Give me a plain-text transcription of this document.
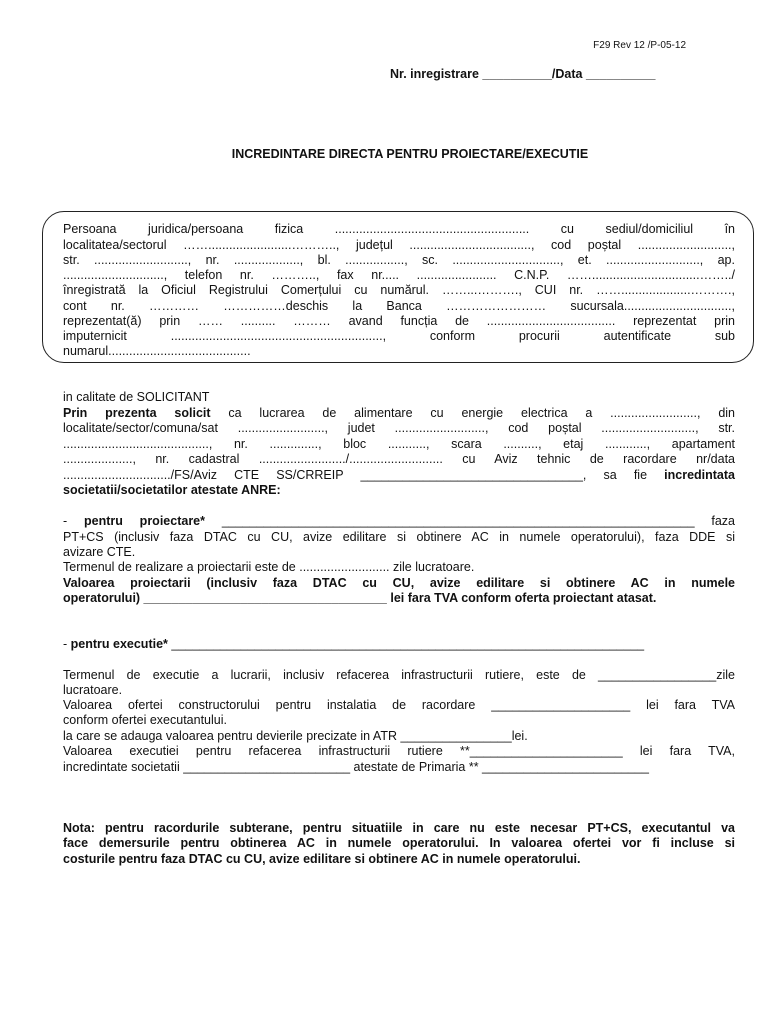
F29 Rev 12 /P-05-12
Nr. inregistrare __________/Data __________
INCREDINTARE DIRECTA PENTRU PROIECTARE/EXECUTIE
Persoana juridica/persoana fizica ........................................................ cu sediul/domiciliul în
localitatea/sectorul ……........................……….., județul ..................................., cod poștal ...........................,
str. ..........................., nr. ..................., bl. ................., sc. ..............................., et. ..........................., ap.
............................., telefon nr. ……….., fax nr..... ....................... C.N.P. ……...............................……../
înregistrată la Oficiul Registrului Comerțului cu numărul. ……...………., CUI nr. ……....................……….,
cont nr. ………… ……………deschis la Banca …………………… sucursala...............................,
reprezentat(ă) prin …… .......... ……… avand funcția de ..................................... reprezentat prin
imputernicit ............................................................., conform procurii autentificate sub
numarul.........................................
in calitate de SOLICITANT
Prin prezenta solicit ca lucrarea de alimentare cu energie electrica a ........................., din
localitate/sector/comuna/sat ........................., judet .........................., cod poștal ..........................., str.
.........................................., nr. .............., bloc ..........., scara .........., etaj ............, apartament
...................., nr. cadastral ........................./........................... cu Aviz tehnic de racordare nr/data
.............................../FS/Aviz CTE SS/CRREIP ________________________________, sa fie incredintata
societatii/societatilor atestate ANRE:
- pentru proiectare* ____________________________________________________________________ faza
PT+CS (inclusiv faza DTAC cu CU, avize edilitare si obtinere AC in numele operatorului), faza DDE si
avizare CTE.
Termenul de realizare a proiectarii este de .......................... zile lucratoare.
Valoarea proiectarii (inclusiv faza DTAC cu CU, avize edilitare si obtinere AC in numele
operatorului) ___________________________________ lei fara TVA conform oferta proiectant atasat.
- pentru executie* ____________________________________________________________________
Termenul de executie a lucrarii, inclusiv refacerea infrastructurii rutiere, este de _________________zile
lucratoare.
Valoarea ofertei constructorului pentru instalatia de racordare ____________________ lei fara TVA
conform ofertei executantului.
la care se adauga valoarea pentru devierile precizate in ATR ________________lei.
Valoarea executiei pentru refacerea infrastructurii rutiere **______________________ lei fara TVA,
incredintate societatii ________________________ atestate de Primaria ** ________________________
Nota: pentru racordurile subterane, pentru situatiile in care nu este necesar PT+CS, executantul va
face demersurile pentru obtinerea AC in numele operatorului. In valoarea ofertei vor fi incluse si
costurile pentru faza DTAC cu CU, avize edilitare si obtinere AC in numele operatorului.
